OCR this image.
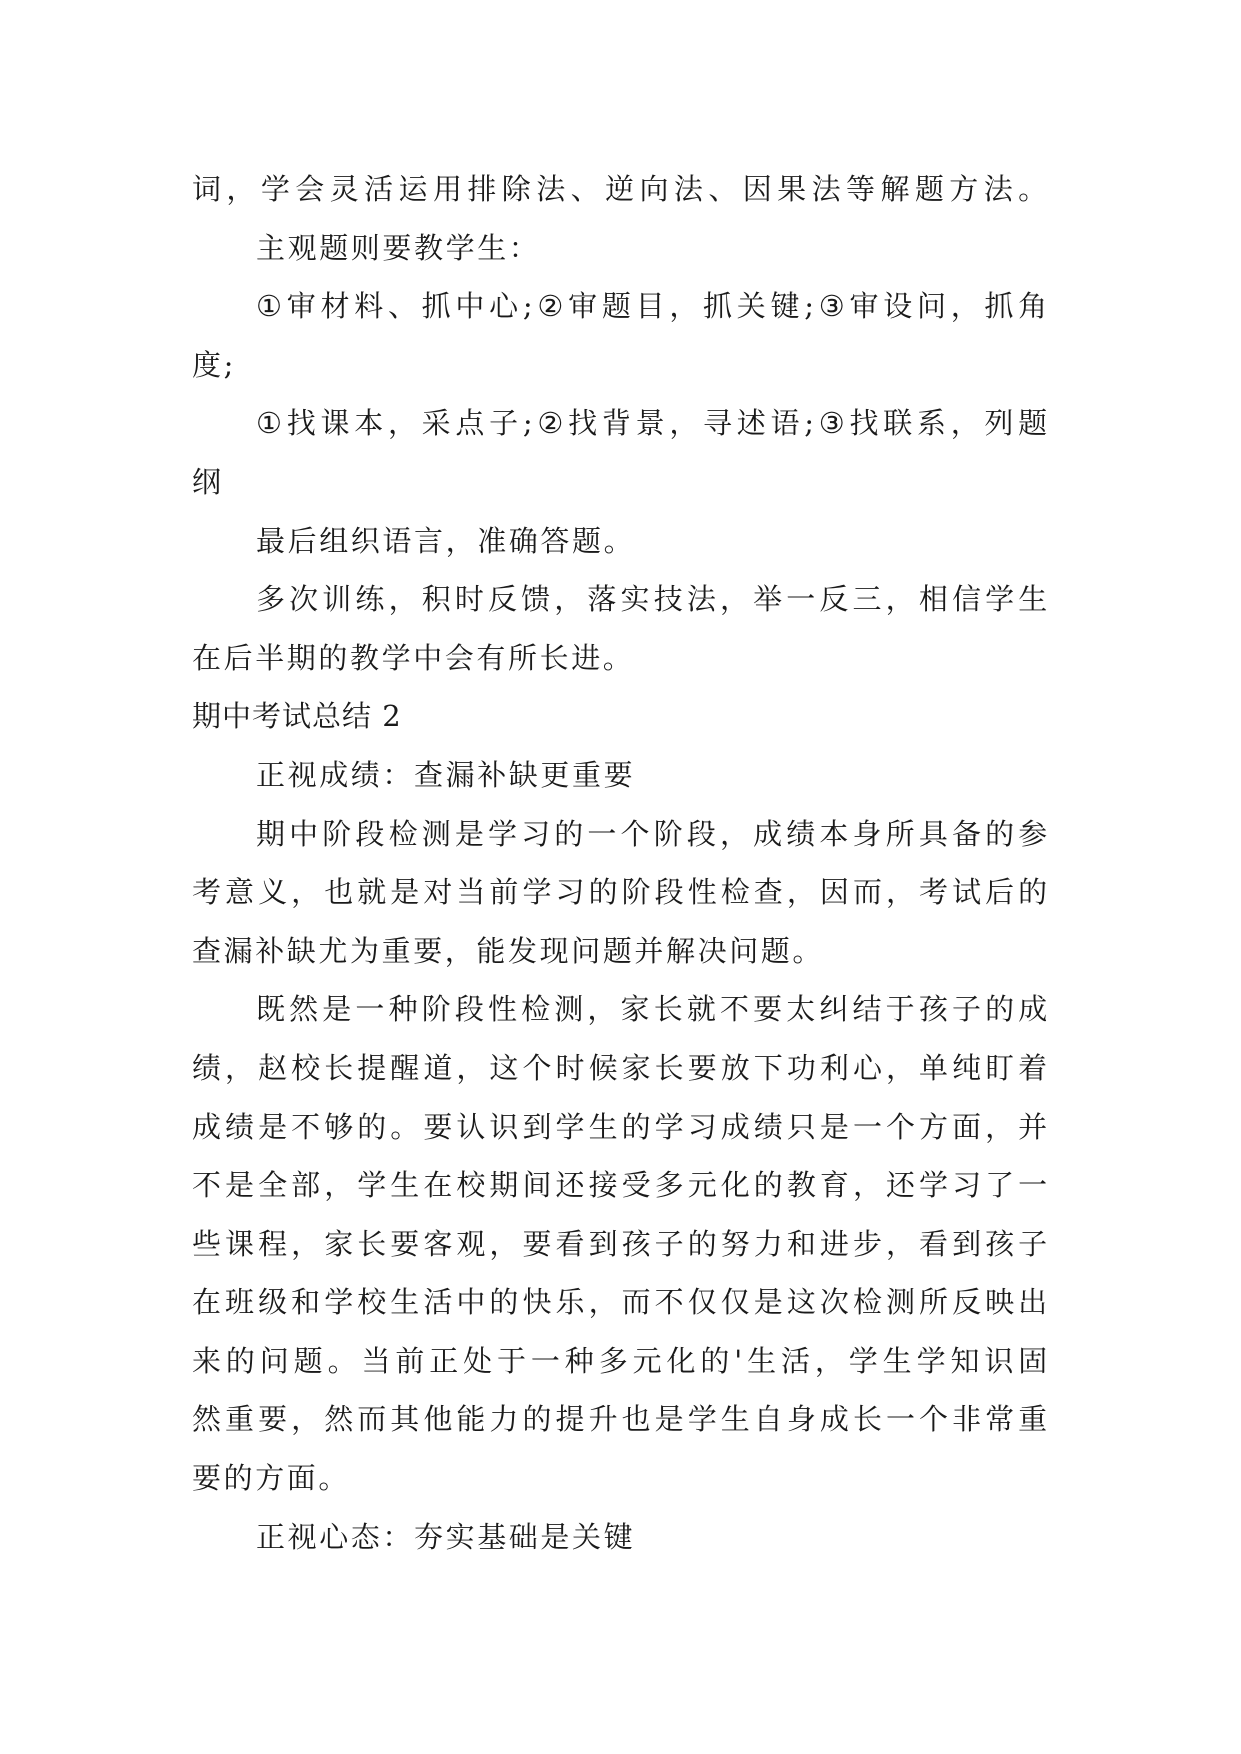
词 ， 学 会 灵 活 运 用 排 除 法 、 逆 向 法 、 因 果 法 等 解 题 方 法 。
主观题则要教学生：
① 审 材 料 、 抓 中 心 ; ② 审 题 目 ， 抓 关 键 ; ③ 审 设 问 ， 抓 角
度;
① 找 课 本 ， 采 点 子 ; ② 找 背 景 ， 寻 述 语 ; ③ 找 联 系 ， 列 题
纲
最后组织语言，准确答题。
多 次 训 练 ， 积 时 反 馈 ， 落 实 技 法 ， 举 一 反 三 ， 相 信 学 生
在后半期的教学中会有所长进。
期中考试总结 2
正视成绩：查漏补缺更重要
期 中 阶 段 检 测 是 学 习 的 一 个 阶 段 ， 成 绩 本 身 所 具 备 的 参
考 意 义 ， 也 就 是 对 当 前 学 习 的 阶 段 性 检 查 ， 因 而 ， 考 试 后 的
查漏补缺尤为重要，能发现问题并解决问题。
既 然 是 一 种 阶 段 性 检 测 ， 家 长 就 不 要 太 纠 结 于 孩 子 的 成
绩 ， 赵 校 长 提 醒 道 ， 这 个 时 候 家 长 要 放 下 功 利 心 ， 单 纯 盯 着
成 绩 是 不 够 的 。 要 认 识 到 学 生 的 学 习 成 绩 只 是 一 个 方 面 ， 并
不 是 全 部 ， 学 生 在 校 期 间 还 接 受 多 元 化 的 教 育 ， 还 学 习 了 一
些 课 程 ， 家 长 要 客 观 ， 要 看 到 孩 子 的 努 力 和 进 步 ， 看 到 孩 子
在 班 级 和 学 校 生 活 中 的 快 乐 ， 而 不 仅 仅 是 这 次 检 测 所 反 映 出
来 的 问 题 。 当 前 正 处 于 一 种 多 元 化 的 ' 生 活 ， 学 生 学 知 识 固
然 重 要 ， 然 而 其 他 能 力 的 提 升 也 是 学 生 自 身 成 长 一 个 非 常 重
要的方面。
正视心态：夯实基础是关键
